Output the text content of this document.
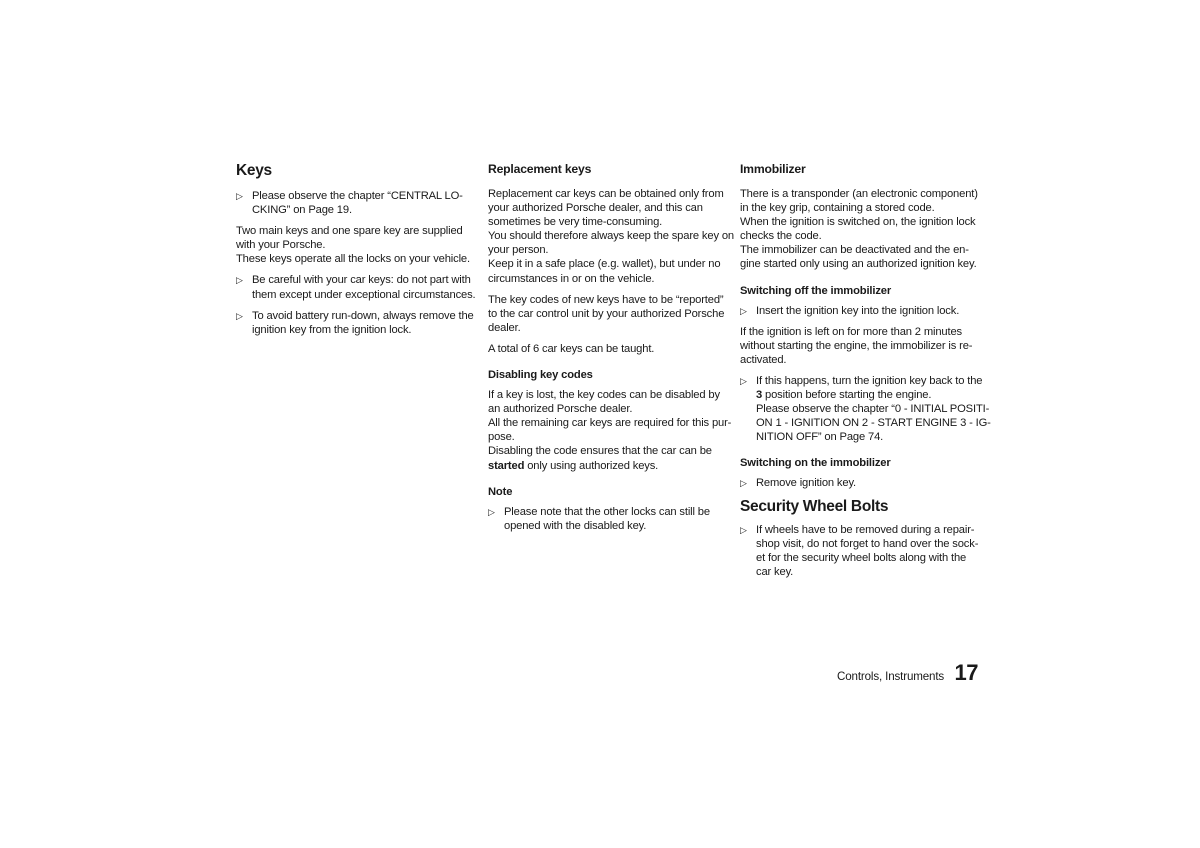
Keys
▷ Please observe the chapter “CENTRAL LO-
CKING” on Page 19.
Two main keys and one spare key are supplied
with your Porsche.
These keys operate all the locks on your vehicle.
▷ Be careful with your car keys: do not part with
them except under exceptional circumstances.
▷ To avoid battery run-down, always remove the
ignition key from the ignition lock.
Replacement keys
Replacement car keys can be obtained only from
your authorized Porsche dealer, and this can
sometimes be very time-consuming.
You should therefore always keep the spare key on
your person.
Keep it in a safe place (e.g. wallet), but under no
circumstances in or on the vehicle.
The key codes of new keys have to be “reported”
to the car control unit by your authorized Porsche
dealer.
A total of 6 car keys can be taught.
Disabling key codes
If a key is lost, the key codes can be disabled by
an authorized Porsche dealer.
All the remaining car keys are required for this pur-
pose.
Disabling the code ensures that the car can be
started only using authorized keys.
Note
▷ Please note that the other locks can still be
opened with the disabled key.
Immobilizer
There is a transponder (an electronic component)
in the key grip, containing a stored code.
When the ignition is switched on, the ignition lock
checks the code.
The immobilizer can be deactivated and the en-
gine started only using an authorized ignition key.
Switching off the immobilizer
▷ Insert the ignition key into the ignition lock.
If the ignition is left on for more than 2 minutes
without starting the engine, the immobilizer is re-
activated.
▷ If this happens, turn the ignition key back to the
3 position before starting the engine.
Please observe the chapter “0 - INITIAL POSITI-
ON 1 - IGNITION ON 2 - START ENGINE 3 - IG-
NITION OFF” on Page 74.
Switching on the immobilizer
▷ Remove ignition key.
Security Wheel Bolts
▷ If wheels have to be removed during a repair-
shop visit, do not forget to hand over the sock-
et for the security wheel bolts along with the
car key.
Controls, Instruments 17
